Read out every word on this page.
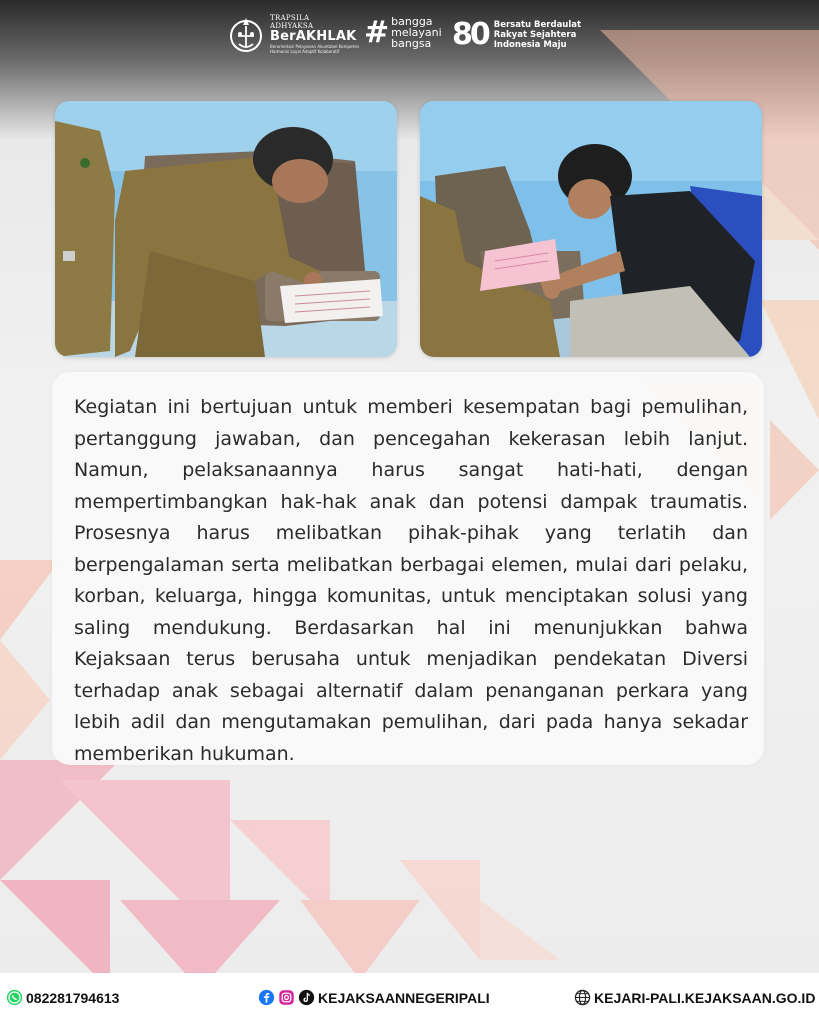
TRAPSILA
ADHYAKSA
BerAKHLAK
Berorientasi Pelayanan Akuntabel Kompeten
Harmonis Loyal Adaptif Kolaboratif
# bangga
melayani
bangsa 80 Bersatu Berdaulat
Rakyat Sejahtera
Indonesia Maju

Kegiatan ini bertujuan untuk memberi kesempatan bagi pemulihan, pertanggung jawaban, dan pencegahan kekerasan lebih lanjut. Namun, pelaksanaannya harus sangat hati-hati, dengan mempertimbangkan hak-hak anak dan potensi dampak traumatis. Prosesnya harus melibatkan pihak-pihak yang terlatih dan berpengalaman serta melibatkan berbagai elemen, mulai dari pelaku, korban, keluarga, hingga komunitas, untuk menciptakan solusi yang saling mendukung. Berdasarkan hal ini menunjukkan bahwa Kejaksaan terus berusaha untuk menjadikan pendekatan Diversi terhadap anak sebagai alternatif dalam penanganan perkara yang lebih adil dan mengutamakan pemulihan, dari pada hanya sekadar memberikan hukuman.

082281794613	KEJAKSAANNEGERIPALI	KEJARI-PALI.KEJAKSAAN.GO.ID
